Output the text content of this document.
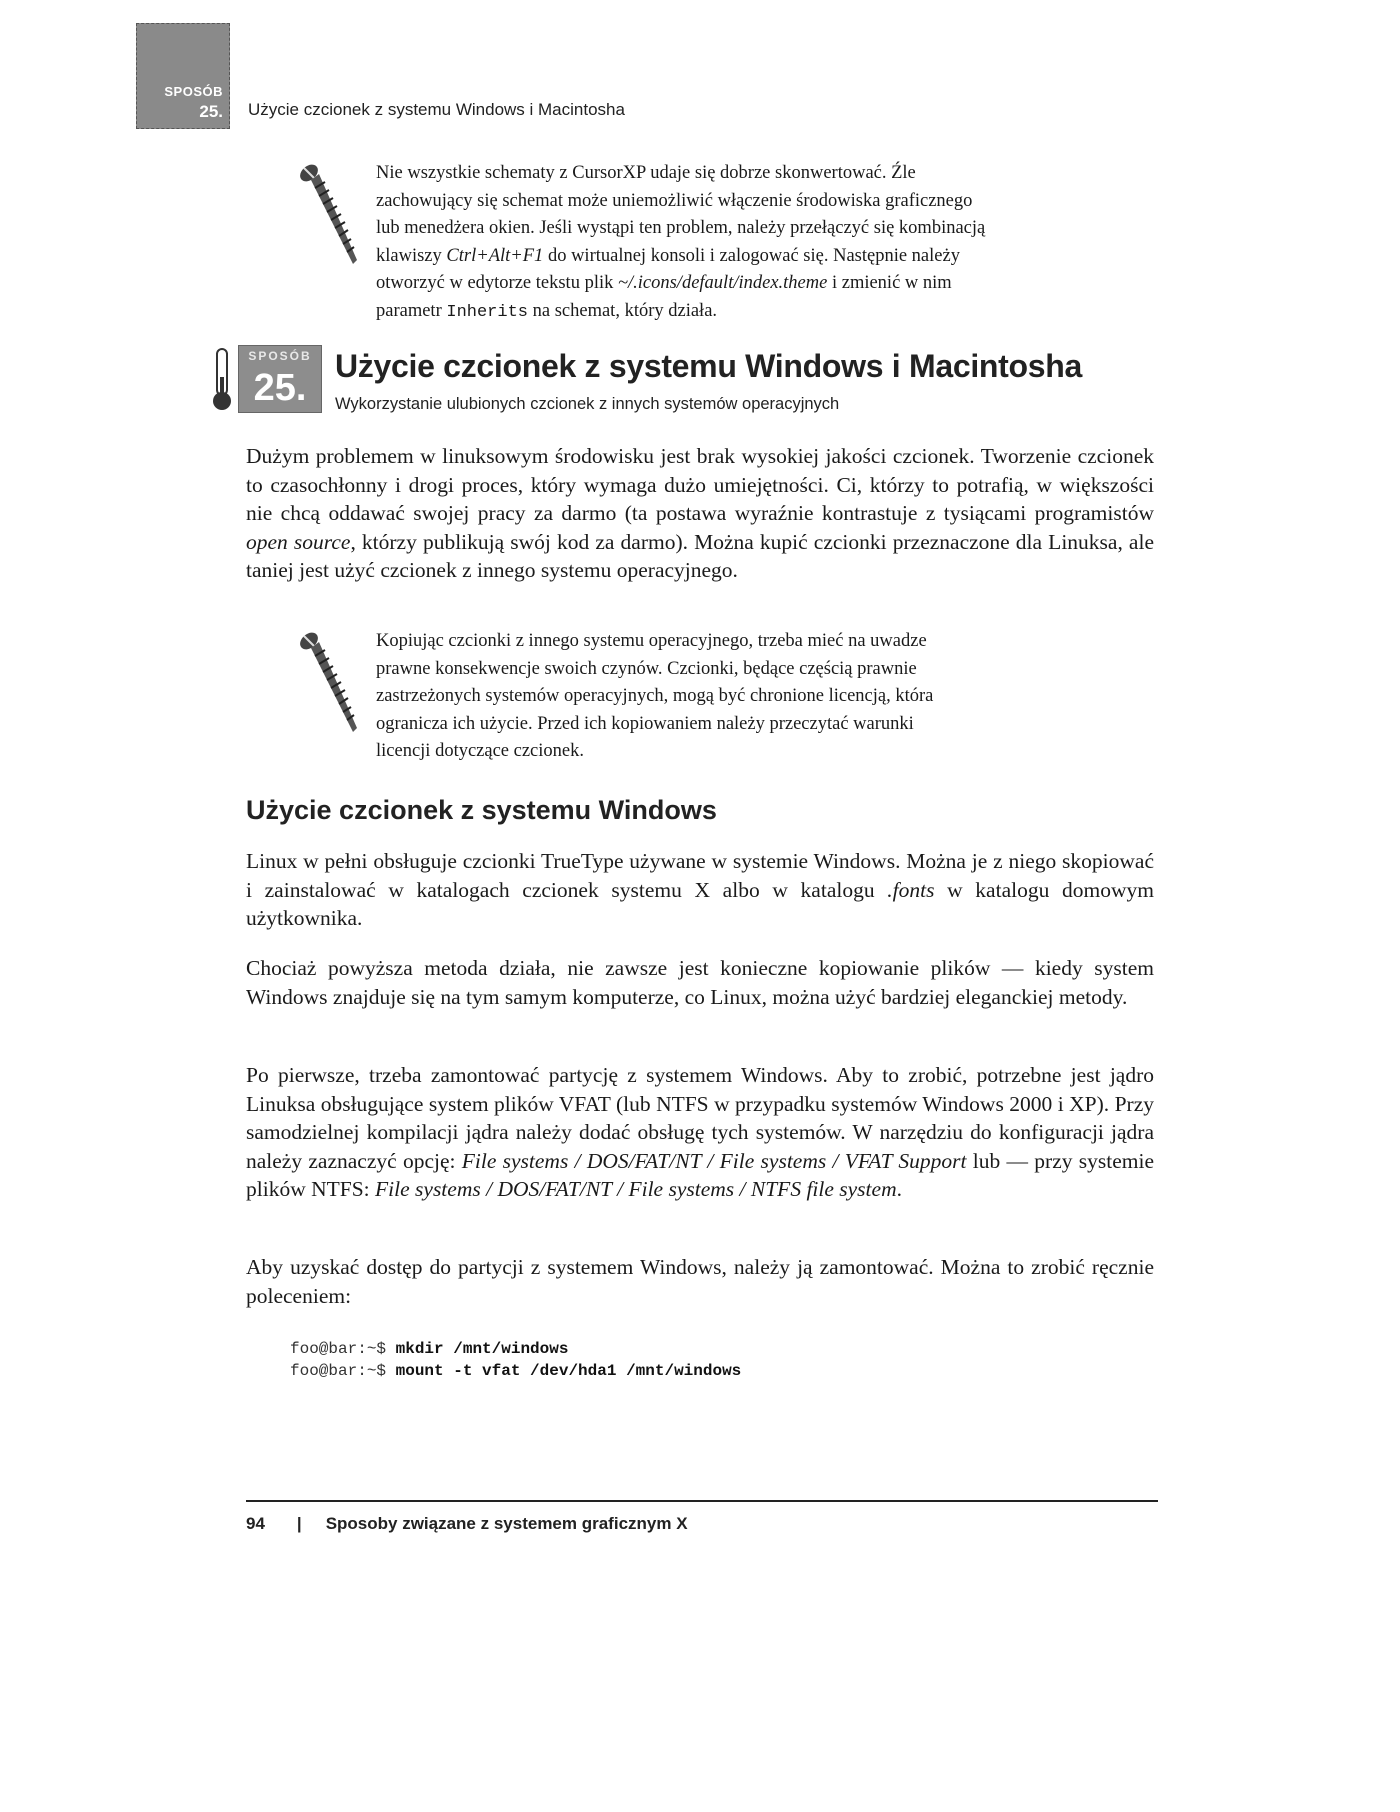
SPOSÓB
25. Użycie czcionek z systemu Windows i Macintosha

Nie wszystkie schematy z CursorXP udaje się dobrze skonwertować. Źle

zachowujący się schemat może uniemożliwić włączenie środowiska graficznego

lub menedżera okien. Jeśli wystąpi ten problem, należy przełączyć się kombinacją

klawiszy Ctrl+Alt+F1 do wirtualnej konsoli i zalogować się. Następnie należy

otworzyć w edytorze tekstu plik ~/.icons/default/index.theme i zmienić w nim

parametr Inherits na schemat, który działa.

SPOSÓB
25.
Użycie czcionek z systemu Windows i Macintosha
Wykorzystanie ulubionych czcionek z innych systemów operacyjnych

Dużym problemem w linuksowym środowisku jest brak wysokiej jakości czcionek. Tworzenie czcionek to czasochłonny i drogi proces, który wymaga dużo umiejętności. Ci, którzy to potrafią, w większości nie chcą oddawać swojej pracy za darmo (ta postawa wyraźnie kontrastuje z tysiącami programistów open source, którzy publikują swój kod za darmo). Można kupić czcionki przeznaczone dla Linuksa, ale taniej jest użyć czcionek z innego systemu operacyjnego.

Kopiując czcionki z innego systemu operacyjnego, trzeba mieć na uwadze

prawne konsekwencje swoich czynów. Czcionki, będące częścią prawnie

zastrzeżonych systemów operacyjnych, mogą być chronione licencją, która

ogranicza ich użycie. Przed ich kopiowaniem należy przeczytać warunki

licencji dotyczące czcionek.

Użycie czcionek z systemu Windows

Linux w pełni obsługuje czcionki TrueType używane w systemie Windows. Można je z niego skopiować i zainstalować w katalogach czcionek systemu X albo w katalogu .fonts w katalogu domowym użytkownika.

Chociaż powyższa metoda działa, nie zawsze jest konieczne kopiowanie plików — kiedy system Windows znajduje się na tym samym komputerze, co Linux, można użyć bardziej eleganckiej metody.

Po pierwsze, trzeba zamontować partycję z systemem Windows. Aby to zrobić, potrzebne jest jądro Linuksa obsługujące system plików VFAT (lub NTFS w przypadku systemów Windows 2000 i XP). Przy samodzielnej kompilacji jądra należy dodać obsługę tych systemów. W narzędziu do konfiguracji jądra należy zaznaczyć opcję: File systems / DOS/FAT/NT / File systems / VFAT Support lub — przy systemie plików NTFS: File systems / DOS/FAT/NT / File systems / NTFS file system.

Aby uzyskać dostęp do partycji z systemem Windows, należy ją zamontować. Można to zrobić ręcznie poleceniem:

foo@bar:~$ mkdir /mnt/windows
foo@bar:~$ mount -t vfat /dev/hda1 /mnt/windows
94 | Sposoby związane z systemem graficznym X
